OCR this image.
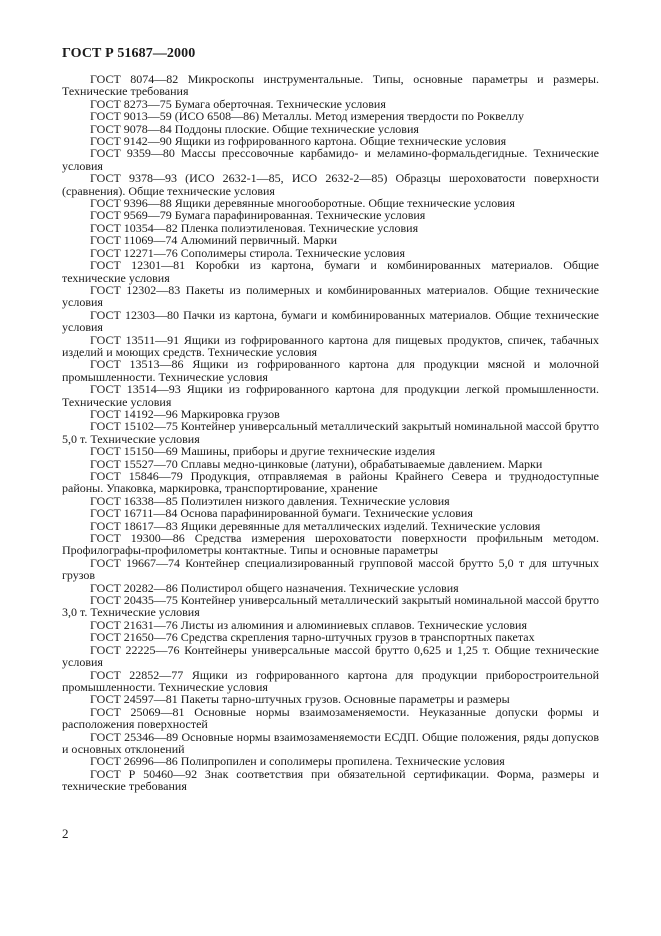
ГОСТ Р 51687—2000

ГОСТ 8074—82 Микроскопы инструментальные. Типы, основные параметры и размеры. Технические требования

ГОСТ 8273—75 Бумага оберточная. Технические условия

ГОСТ 9013—59 (ИСО 6508—86) Металлы. Метод измерения твердости по Роквеллу

ГОСТ 9078—84 Поддоны плоские. Общие технические условия

ГОСТ 9142—90 Ящики из гофрированного картона. Общие технические условия

ГОСТ 9359—80 Массы прессовочные карбамидо- и меламино-формальдегидные. Технические условия

ГОСТ 9378—93 (ИСО 2632-1—85, ИСО 2632-2—85) Образцы шероховатости поверхности (сравнения). Общие технические условия

ГОСТ 9396—88 Ящики деревянные многооборотные. Общие технические условия

ГОСТ 9569—79 Бумага парафинированная. Технические условия

ГОСТ 10354—82 Пленка полиэтиленовая. Технические условия

ГОСТ 11069—74 Алюминий первичный. Марки

ГОСТ 12271—76 Сополимеры стирола. Технические условия

ГОСТ 12301—81 Коробки из картона, бумаги и комбинированных материалов. Общие технические условия

ГОСТ 12302—83 Пакеты из полимерных и комбинированных материалов. Общие технические условия

ГОСТ 12303—80 Пачки из картона, бумаги и комбинированных материалов. Общие технические условия

ГОСТ 13511—91 Ящики из гофрированного картона для пищевых продуктов, спичек, табачных изделий и моющих средств. Технические условия

ГОСТ 13513—86 Ящики из гофрированного картона для продукции мясной и молочной промышленности. Технические условия

ГОСТ 13514—93 Ящики из гофрированного картона для продукции легкой промышленности. Технические условия

ГОСТ 14192—96 Маркировка грузов

ГОСТ 15102—75 Контейнер универсальный металлический закрытый номинальной массой брутто 5,0 т. Технические условия

ГОСТ 15150—69 Машины, приборы и другие технические изделия

ГОСТ 15527—70 Сплавы медно-цинковые (латуни), обрабатываемые давлением. Марки

ГОСТ 15846—79 Продукция, отправляемая в районы Крайнего Севера и труднодоступные районы. Упаковка, маркировка, транспортирование, хранение

ГОСТ 16338—85 Полиэтилен низкого давления. Технические условия

ГОСТ 16711—84 Основа парафинированной бумаги. Технические условия

ГОСТ 18617—83 Ящики деревянные для металлических изделий. Технические условия

ГОСТ 19300—86 Средства измерения шероховатости поверхности профильным методом. Профилографы-профилометры контактные. Типы и основные параметры

ГОСТ 19667—74 Контейнер специализированный групповой массой брутто 5,0 т для штучных грузов

ГОСТ 20282—86 Полистирол общего назначения. Технические условия

ГОСТ 20435—75 Контейнер универсальный металлический закрытый номинальной массой брутто 3,0 т. Технические условия

ГОСТ 21631—76 Листы из алюминия и алюминиевых сплавов. Технические условия

ГОСТ 21650—76 Средства скрепления тарно-штучных грузов в транспортных пакетах

ГОСТ 22225—76 Контейнеры универсальные массой брутто 0,625 и 1,25 т. Общие технические условия

ГОСТ 22852—77 Ящики из гофрированного картона для продукции приборостроительной промышленности. Технические условия

ГОСТ 24597—81 Пакеты тарно-штучных грузов. Основные параметры и размеры

ГОСТ 25069—81 Основные нормы взаимозаменяемости. Неуказанные допуски формы и расположения поверхностей

ГОСТ 25346—89 Основные нормы взаимозаменяемости ЕСДП. Общие положения, ряды допусков и основных отклонений

ГОСТ 26996—86 Полипропилен и сополимеры пропилена. Технические условия

ГОСТ Р 50460—92 Знак соответствия при обязательной сертификации. Форма, размеры и технические требования

2
